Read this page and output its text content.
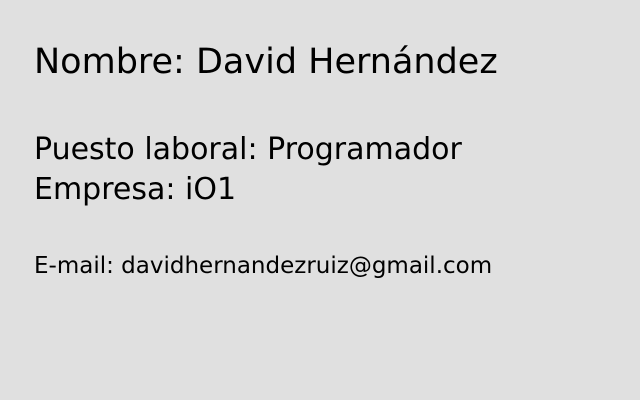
Nombre: David Hernández

Puesto laboral: Programador

Empresa: iO1

E-mail: davidhernandezruiz@gmail.com
